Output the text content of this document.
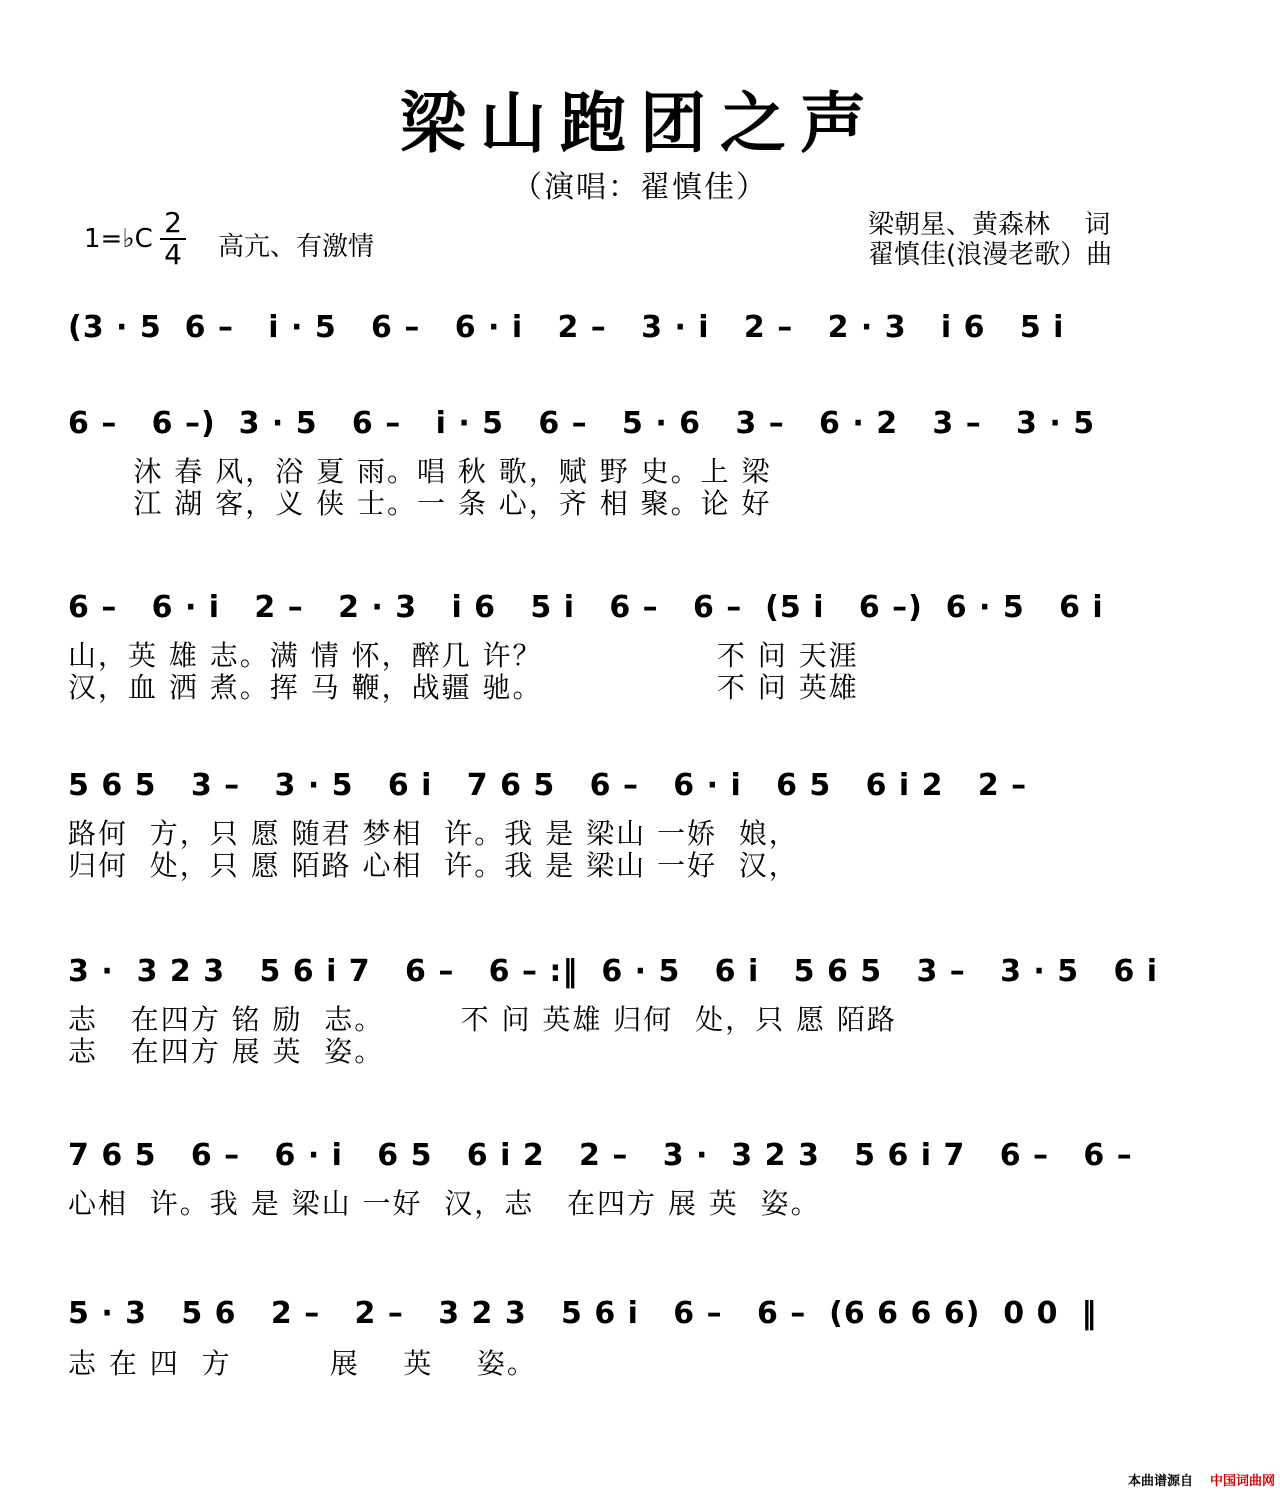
梁山跑团之声
（演唱：翟慎佳）
1=♭C 2
4 高亢、有激情
梁朝星、黄森林　 词
翟慎佳(浪漫老歌）曲
(3 · 5  6 –   i · 5   6 –   6 · i   2 –   3 · i   2 –   2 · 3   i 6   5 i
6 –   6 –)  3 · 5   6 –   i · 5   6 –   5 · 6   3 –   6 · 2   3 –   3 · 5
沐 春 风，浴 夏 雨。唱 秋 歌，赋 野 史。上 梁
江 湖 客，义 侠 士。一 条 心，齐 相 聚。论 好
6 –   6 · i   2 –   2 · 3   i 6   5 i   6 –   6 –  (5 i   6 –)  6 · 5   6 i
山，英 雄 志。满 情 怀，醉几 许？                不 问 天涯
汉，血 洒 煮。挥 马 鞭，战疆 驰。                不 问 英雄
5 6 5   3 –   3 · 5   6 i   7 6 5   6 –   6 · i   6 5   6 i 2   2 –
路何  方，只 愿 随君 梦相  许。我 是 梁山 一娇  娘，
归何  处，只 愿 陌路 心相  许。我 是 梁山 一好  汉，
3 ·  3 2 3   5 6 i 7   6 –   6 – :‖  6 · 5   6 i   5 6 5   3 –   3 · 5   6 i
志   在四方 铭 励  志。       不 问 英雄 归何  处，只 愿 陌路
志   在四方 展 英  姿。
7 6 5   6 –   6 · i   6 5   6 i 2   2 –   3 ·  3 2 3   5 6 i 7   6 –   6 –
心相  许。我 是 梁山 一好  汉，志   在四方 展 英  姿。
5 · 3   5 6   2 –   2 –   3 2 3   5 6 i   6 –   6 –  (6 6 6 6)  0 0  ‖
志 在 四  方         展    英    姿。
本曲谱源自 中国词曲网
